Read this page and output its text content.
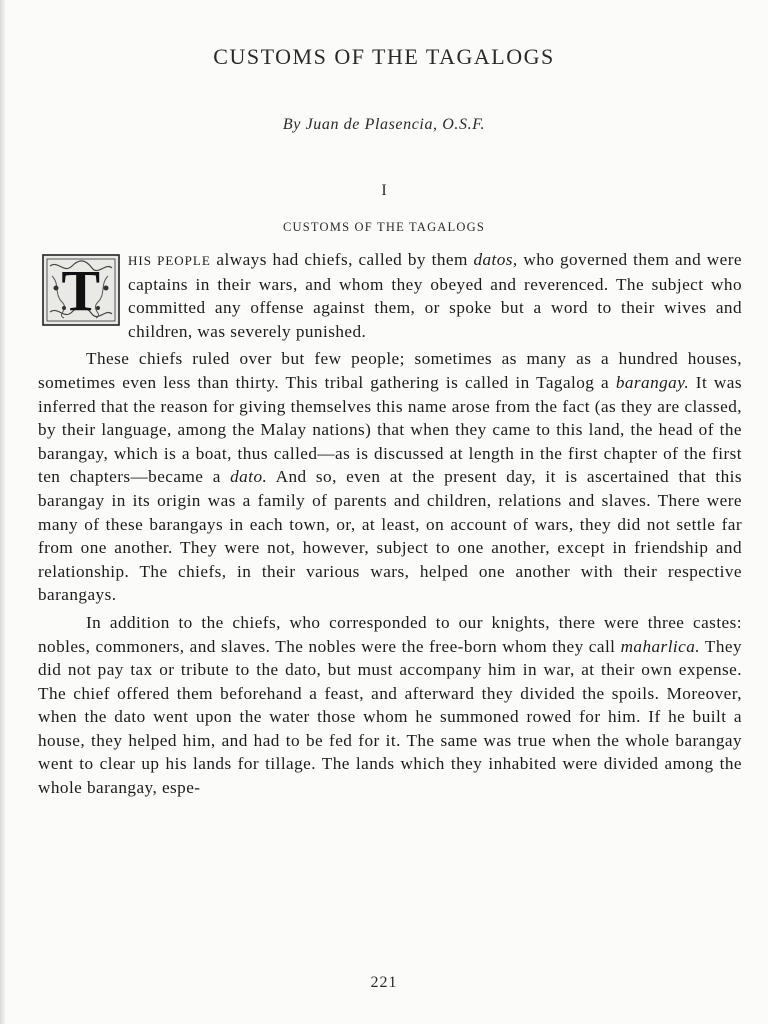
CUSTOMS OF THE TAGALOGS
By Juan de Plasencia, O.S.F.
I
CUSTOMS OF THE TAGALOGS

T HIS PEOPLE always had chiefs, called by them datos, who governed them and were captains in their wars, and whom they obeyed and reverenced. The subject who committed any offense against them, or spoke but a word to their wives and children, was severely punished.

These chiefs ruled over but few people; sometimes as many as a hundred houses, sometimes even less than thirty. This tribal gathering is called in Tagalog a barangay. It was inferred that the reason for giving themselves this name arose from the fact (as they are classed, by their language, among the Malay nations) that when they came to this land, the head of the barangay, which is a boat, thus called—as is discussed at length in the first chapter of the first ten chapters—became a dato. And so, even at the present day, it is ascertained that this barangay in its origin was a family of parents and children, relations and slaves. There were many of these barangays in each town, or, at least, on account of wars, they did not settle far from one another. They were not, however, subject to one another, except in friendship and relationship. The chiefs, in their various wars, helped one another with their respective barangays.

In addition to the chiefs, who corresponded to our knights, there were three castes: nobles, commoners, and slaves. The nobles were the free-born whom they call maharlica. They did not pay tax or tribute to the dato, but must accompany him in war, at their own expense. The chief offered them beforehand a feast, and afterward they divided the spoils. Moreover, when the dato went upon the water those whom he summoned rowed for him. If he built a house, they helped him, and had to be fed for it. The same was true when the whole barangay went to clear up his lands for tillage. The lands which they inhabited were divided among the whole barangay, espe-

221
